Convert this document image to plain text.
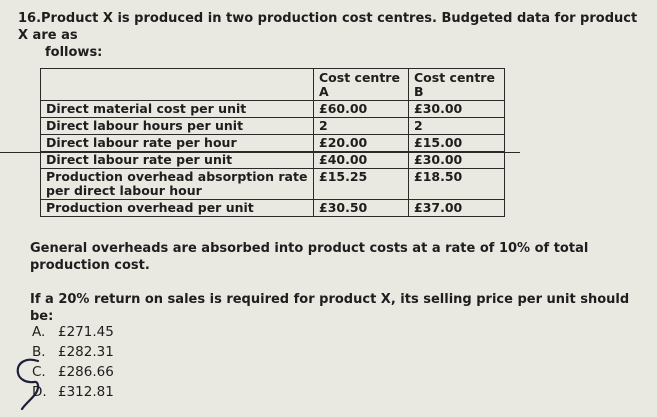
16.Product X is produced in two production cost centres. Budgeted data for product X are as
follows:
	Cost centre A	Cost centre B
Direct material cost per unit	£60.00	£30.00
Direct labour hours per unit	2	2
Direct labour rate per hour	£20.00	£15.00
Direct labour rate per unit	£40.00	£30.00
Production overhead absorption rate per direct labour hour	£15.25	£18.50
Production overhead per unit	£30.50	£37.00
General overheads are absorbed into product costs at a rate of 10% of total production cost.
If a 20% return on sales is required for product X, its selling price per unit should be:
A. £271.45
B. £282.31
C. £286.66
D. £312.81
